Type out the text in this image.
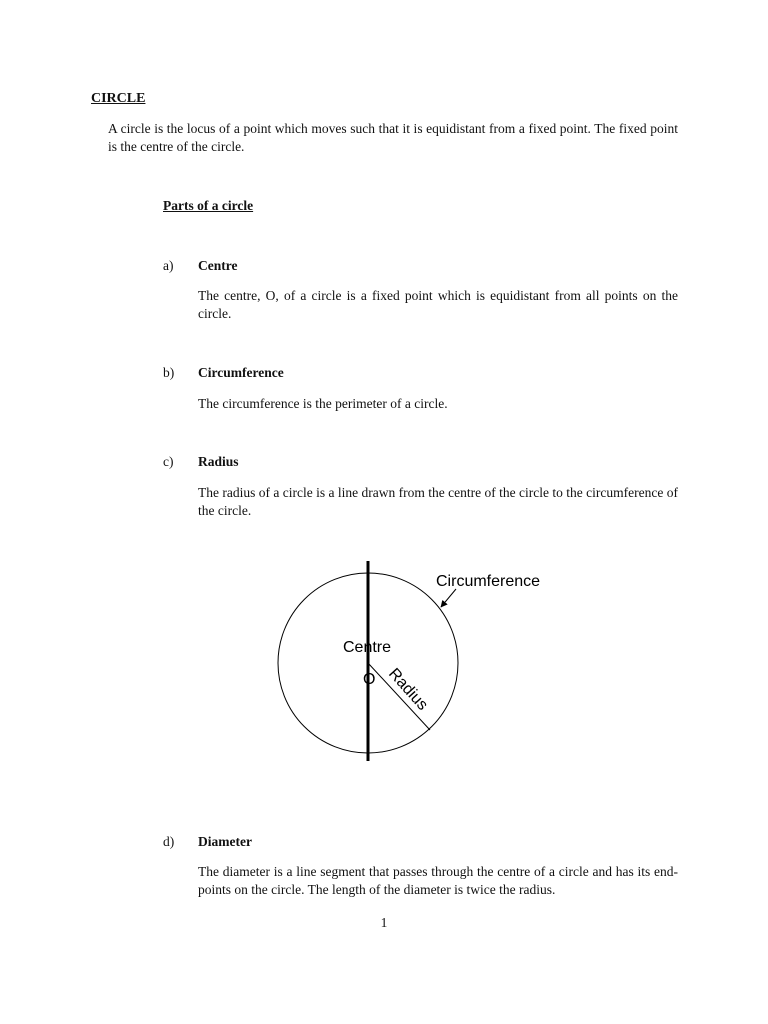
CIRCLE
A circle is the locus of a point which moves such that it is equidistant from a fixed point. The fixed point is the centre of the circle.
Parts of a circle
a) Centre
The centre, O, of a circle is a fixed point which is equidistant from all points on the circle.
b) Circumference
The circumference is the perimeter of a circle.
c) Radius
The radius of a circle is a line drawn from the centre of the circle to the circumference of the circle.
Circumference
Centre
O Radius
d) Diameter
The diameter is a line segment that passes through the centre of a circle and has its end-points on the circle. The length of the diameter is twice the radius.
1
